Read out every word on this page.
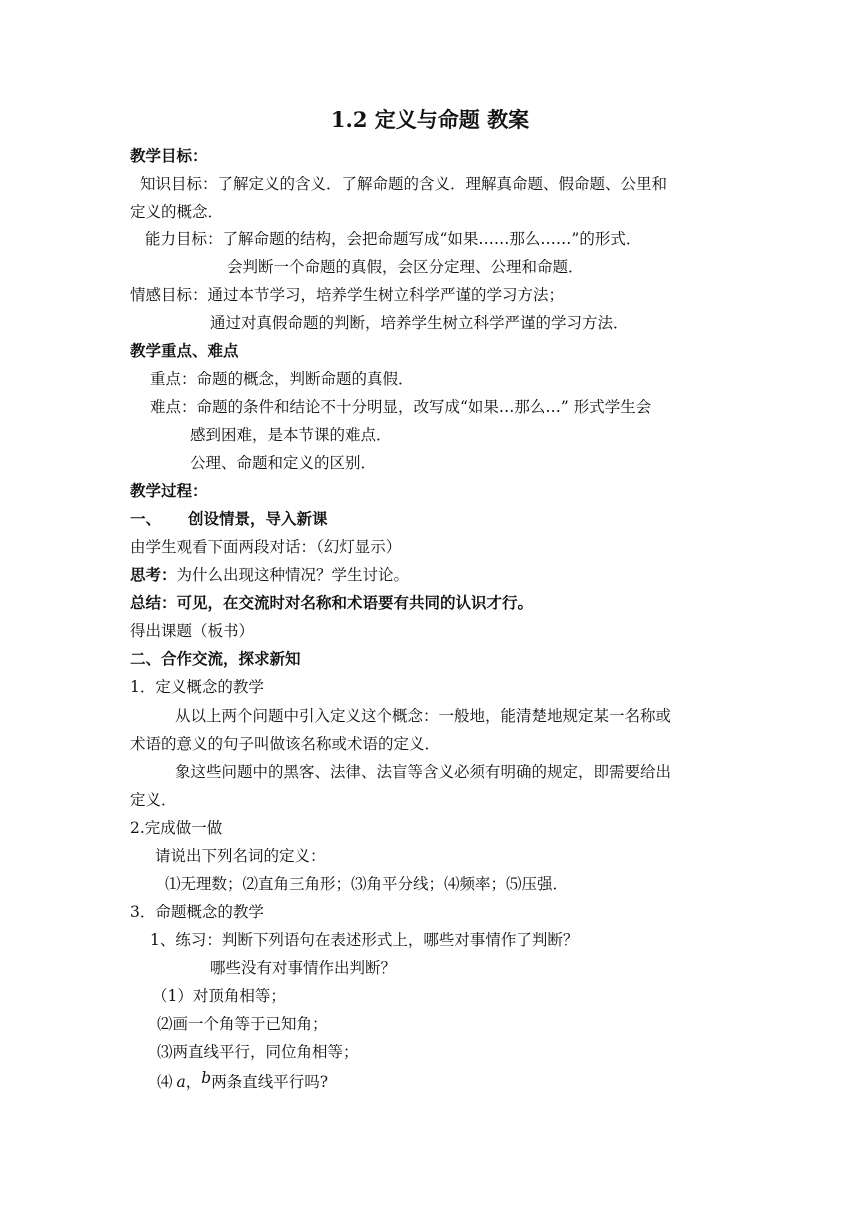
1.2 定义与命题 教案
教学目标：
知识目标：了解定义的含义．了解命题的含义．理解真命题、假命题、公里和
定义的概念．
能力目标：了解命题的结构，会把命题写成“如果……那么……”的形式．
会判断一个命题的真假，会区分定理、公理和命题．
情感目标：通过本节学习，培养学生树立科学严谨的学习方法；
通过对真假命题的判断，培养学生树立科学严谨的学习方法．
教学重点、难点
重点：命题的概念，判断命题的真假．
难点：命题的条件和结论不十分明显，改写成“如果…那么…” 形式学生会
感到困难，是本节课的难点．
公理、命题和定义的区别．
教学过程：
一、     创设情景，导入新课
由学生观看下面两段对话：（幻灯显示）
思考：为什么出现这种情况？学生讨论。
总结：可见，在交流时对名称和术语要有共同的认识才行。
得出课题（板书）
二、合作交流，探求新知
1．定义概念的教学
从以上两个问题中引入定义这个概念：一般地，能清楚地规定某一名称或
术语的意义的句子叫做该名称或术语的定义．
象这些问题中的黑客、法律、法盲等含义必须有明确的规定，即需要给出
定义．
2.完成做一做
请说出下列名词的定义：
⑴无理数；⑵直角三角形；⑶角平分线；⑷频率；⑸压强．
3．命题概念的教学
1、练习：判断下列语句在表述形式上，哪些对事情作了判断？
哪些没有对事情作出判断？
（1）对顶角相等；
⑵画一个角等于已知角；
⑶两直线平行，同位角相等；
⑷ a，b两条直线平行吗?
